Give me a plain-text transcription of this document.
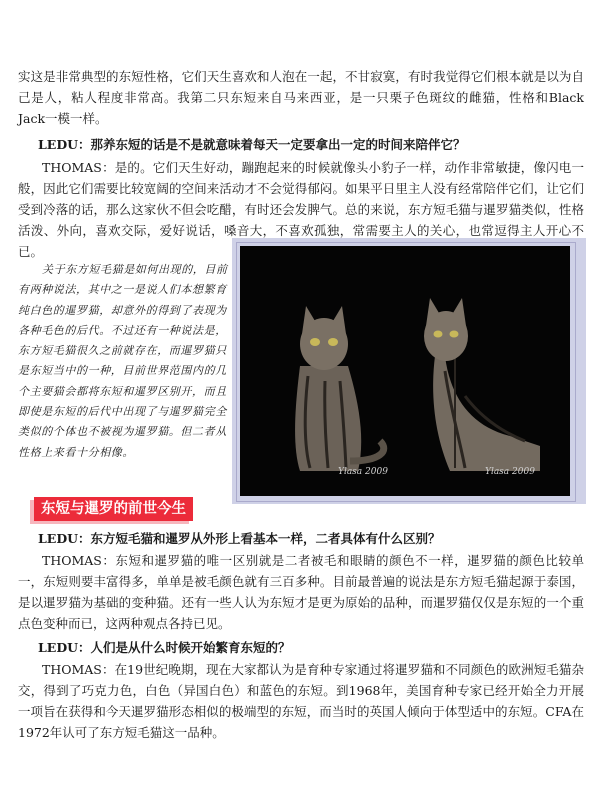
实这是非常典型的东短性格，它们天生喜欢和人泡在一起，不甘寂寞，有时我觉得它们根本就是以为自己是人，粘人程度非常高。我第二只东短来自马来西亚，是一只栗子色斑纹的雌猫，性格和Black Jack一模一样。

LEDU：那养东短的话是不是就意味着每天一定要拿出一定的时间来陪伴它？

THOMAS：是的。它们天生好动，蹦跑起来的时候就像头小豹子一样，动作非常敏捷，像闪电一般，因此它们需要比较宽阔的空间来活动才不会觉得郁闷。如果平日里主人没有经常陪伴它们，让它们受到冷落的话，那么这家伙不但会吃醋，有时还会发脾气。总的来说，东方短毛猫与暹罗猫类似，性格活泼、外向，喜欢交际，爱好说话，嗓音大，不喜欢孤独，常需要主人的关心，也常逗得主人开心不已。

关于东方短毛猫是如何出现的，目前有两种说法，其中之一是说人们本想繁育纯白色的暹罗猫，却意外的得到了表现为各种毛色的后代。不过还有一种说法是，东方短毛猫很久之前就存在，而暹罗猫只是东短当中的一种，目前世界范围内的几个主要猫会都将东短和暹罗区别开，而且即使是东短的后代中出现了与暹罗猫完全类似的个体也不被视为暹罗猫。但二者从性格上来看十分相像。

Ylasa 2009	Ylasa 2009
东短与暹罗的前世今生

LEDU：东方短毛猫和暹罗从外形上看基本一样，二者具体有什么区别？

THOMAS：东短和暹罗猫的唯一区别就是二者被毛和眼睛的颜色不一样，暹罗猫的颜色比较单一，东短则要丰富得多，单单是被毛颜色就有三百多种。目前最普遍的说法是东方短毛猫起源于泰国，是以暹罗猫为基础的变种猫。还有一些人认为东短才是更为原始的品种，而暹罗猫仅仅是东短的一个重点色变种而已，这两种观点各持已见。

LEDU：人们是从什么时候开始繁育东短的？

THOMAS：在19世纪晚期，现在大家都认为是育种专家通过将暹罗猫和不同颜色的欧洲短毛猫杂交，得到了巧克力色，白色（异国白色）和蓝色的东短。到1968年，美国育种专家已经开始全力开展一项旨在获得和今天暹罗猫形态相似的极端型的东短，而当时的英国人倾向于体型适中的东短。CFA在1972年认可了东方短毛猫这一品种。
